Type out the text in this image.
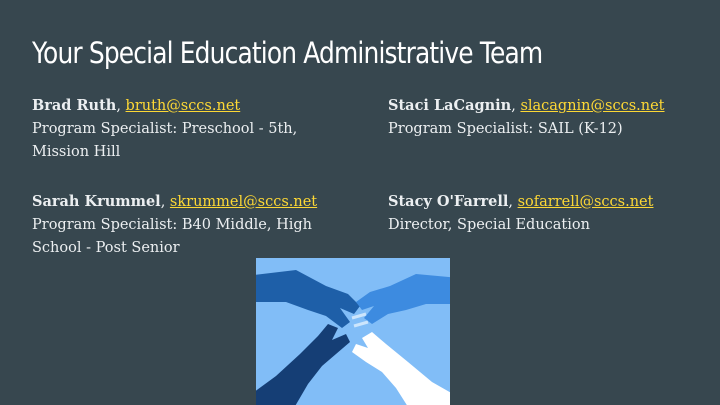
Your Special Education Administrative Team
Brad Ruth, bruth@sccs.net
Program Specialist: Preschool - 5th, Mission Hill
Staci LaCagnin, slacagnin@sccs.net
Program Specialist: SAIL (K-12)
Sarah Krummel, skrummel@sccs.net
Program Specialist: B40 Middle, High School - Post Senior
Stacy O'Farrell, sofarrell@sccs.net
Director, Special Education
